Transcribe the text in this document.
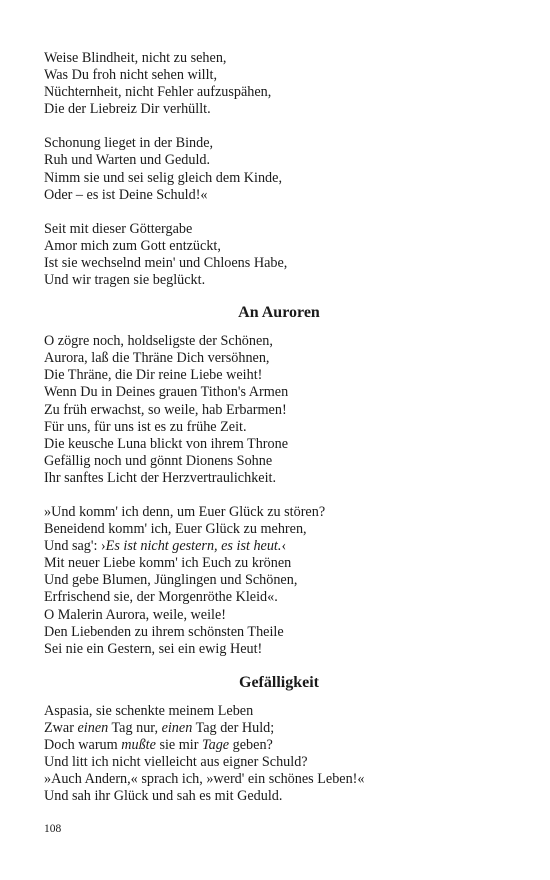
Weise Blindheit, nicht zu sehen,
Was Du froh nicht sehen willt,
Nüchternheit, nicht Fehler aufzuspähen,
Die der Liebreiz Dir verhüllt.
Schonung lieget in der Binde,
Ruh und Warten und Geduld.
Nimm sie und sei selig gleich dem Kinde,
Oder – es ist Deine Schuld!«
Seit mit dieser Göttergabe
Amor mich zum Gott entzückt,
Ist sie wechselnd mein' und Chloens Habe,
Und wir tragen sie beglückt.
An Auroren
O zögre noch, holdseligste der Schönen,
Aurora, laß die Thräne Dich versöhnen,
Die Thräne, die Dir reine Liebe weiht!
Wenn Du in Deines grauen Tithon's Armen
Zu früh erwachst, so weile, hab Erbarmen!
Für uns, für uns ist es zu frühe Zeit.
Die keusche Luna blickt von ihrem Throne
Gefällig noch und gönnt Dionens Sohne
Ihr sanftes Licht der Herzvertraulichkeit.
»Und komm' ich denn, um Euer Glück zu stören?
Beneidend komm' ich, Euer Glück zu mehren,
Und sag': ›Es ist nicht gestern, es ist heut.‹
Mit neuer Liebe komm' ich Euch zu krönen
Und gebe Blumen, Jünglingen und Schönen,
Erfrischend sie, der Morgenröthe Kleid«.
O Malerin Aurora, weile, weile!
Den Liebenden zu ihrem schönsten Theile
Sei nie ein Gestern, sei ein ewig Heut!
Gefälligkeit
Aspasia, sie schenkte meinem Leben
Zwar einen Tag nur, einen Tag der Huld;
Doch warum mußte sie mir Tage geben?
Und litt ich nicht vielleicht aus eigner Schuld?
»Auch Andern,« sprach ich, »werd' ein schönes Leben!«
Und sah ihr Glück und sah es mit Geduld.
108
